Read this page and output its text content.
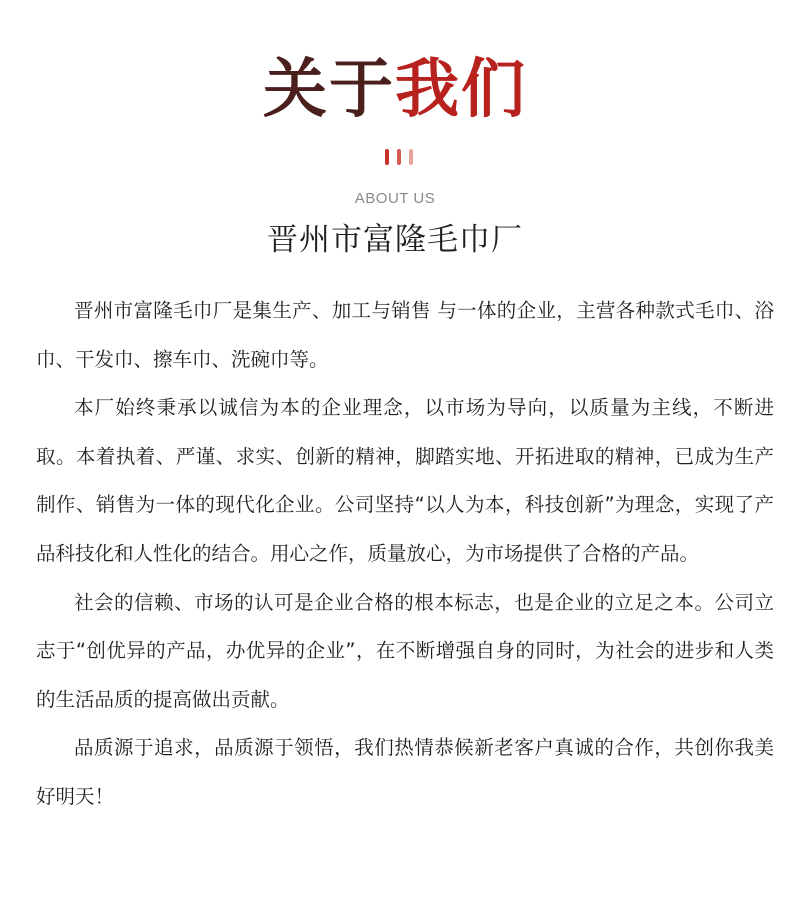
关于我们
ABOUT US
晋州市富隆毛巾厂

晋州市富隆毛巾厂是集生产、加工与销售 与一体的企业，主营各种款式毛巾、浴巾、干发巾、擦车巾、洗碗巾等。

本厂始终秉承以诚信为本的企业理念，以市场为导向，以质量为主线，不断进取。本着执着、严谨、求实、创新的精神，脚踏实地、开拓进取的精神，已成为生产制作、销售为一体的现代化企业。公司坚持“以人为本，科技创新”为理念，实现了产品科技化和人性化的结合。用心之作，质量放心，为市场提供了合格的产品。

社会的信赖、市场的认可是企业合格的根本标志，也是企业的立足之本。公司立志于“创优异的产品，办优异的企业”，在不断增强自身的同时，为社会的进步和人类的生活品质的提高做出贡献。

品质源于追求，品质源于领悟，我们热情恭候新老客户真诚的合作，共创你我美好明天！
